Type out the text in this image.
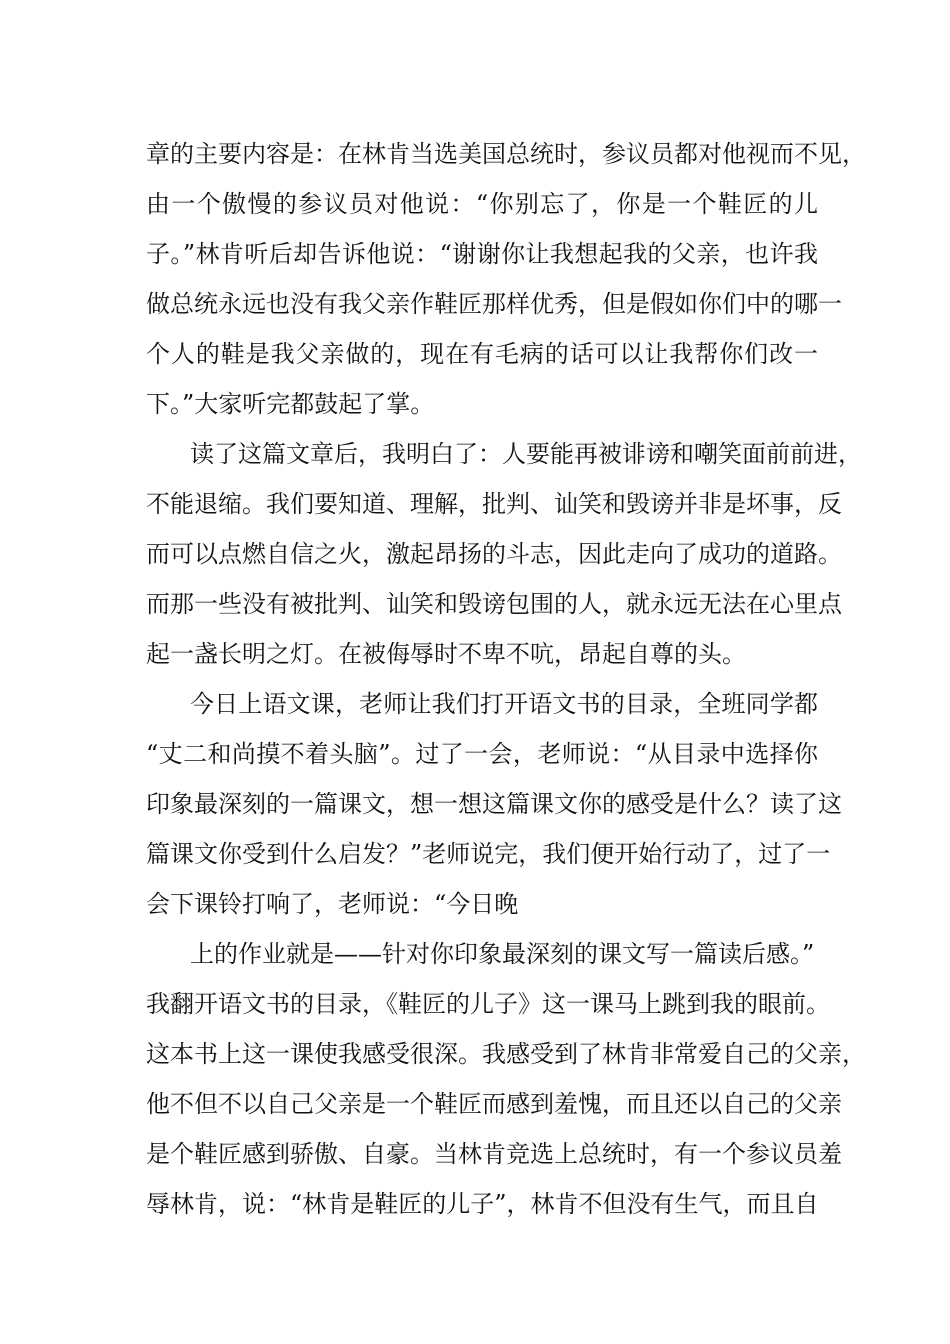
章的主要内容是：在林肯当选美国总统时，参议员都对他视而不见，
由一个傲慢的参议员对他说：“你别忘了，你是一个鞋匠的儿
子。”林肯听后却告诉他说：“谢谢你让我想起我的父亲，也许我
做总统永远也没有我父亲作鞋匠那样优秀，但是假如你们中的哪一
个人的鞋是我父亲做的，现在有毛病的话可以让我帮你们改一
下。”大家听完都鼓起了掌。
读了这篇文章后，我明白了：人要能再被诽谤和嘲笑面前前进，
不能退缩。我们要知道、理解，批判、讪笑和毁谤并非是坏事，反
而可以点燃自信之火，激起昂扬的斗志，因此走向了成功的道路。
而那一些没有被批判、讪笑和毁谤包围的人，就永远无法在心里点
起一盏长明之灯。在被侮辱时不卑不吭，昂起自尊的头。
今日上语文课，老师让我们打开语文书的目录，全班同学都
“丈二和尚摸不着头脑”。过了一会，老师说：“从目录中选择你
印象最深刻的一篇课文，想一想这篇课文你的感受是什么？读了这
篇课文你受到什么启发？”老师说完，我们便开始行动了，过了一
会下课铃打响了，老师说：“今日晚
上的作业就是——针对你印象最深刻的课文写一篇读后感。”
我翻开语文书的目录，《鞋匠的儿子》这一课马上跳到我的眼前。
这本书上这一课使我感受很深。我感受到了林肯非常爱自己的父亲，
他不但不以自己父亲是一个鞋匠而感到羞愧，而且还以自己的父亲
是个鞋匠感到骄傲、自豪。当林肯竞选上总统时，有一个参议员羞
辱林肯，说：“林肯是鞋匠的儿子”，林肯不但没有生气，而且自
